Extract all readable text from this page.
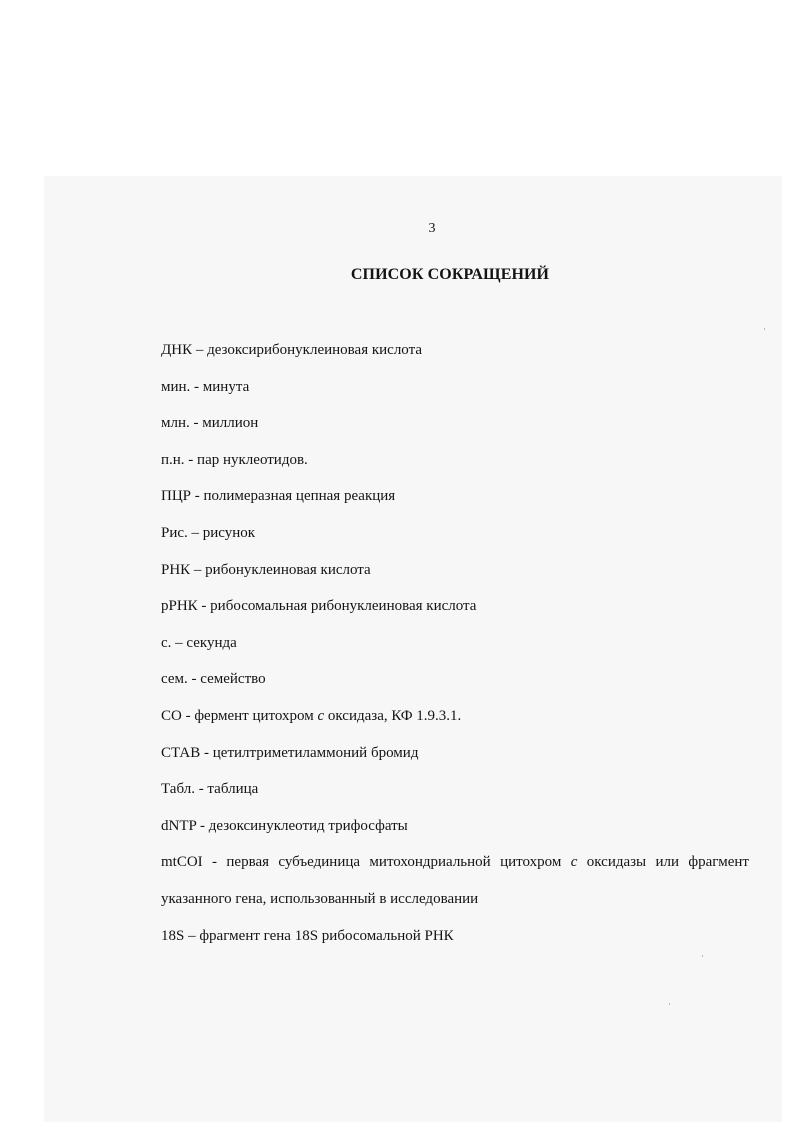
3
СПИСОК СОКРАЩЕНИЙ
ДНК – дезоксирибонуклеиновая кислота
мин. - минута
млн. - миллион
п.н. - пар нуклеотидов.
ПЦР - полимеразная цепная реакция
Рис. – рисунок
РНК – рибонуклеиновая кислота
рРНК - рибосомальная рибонуклеиновая кислота
с. – секунда
сем. - семейство
СО - фермент цитохром с оксидаза, КФ 1.9.3.1.
СТАВ - цетилтриметиламмоний бромид
Табл. - таблица
dNTP - дезоксинуклеотид трифосфаты
mtCOI - первая субъединица митохондриальной цитохром с оксидазы или фрагмент
указанного гена, использованный в исследовании
18S – фрагмент гена 18S рибосомальной РНК
